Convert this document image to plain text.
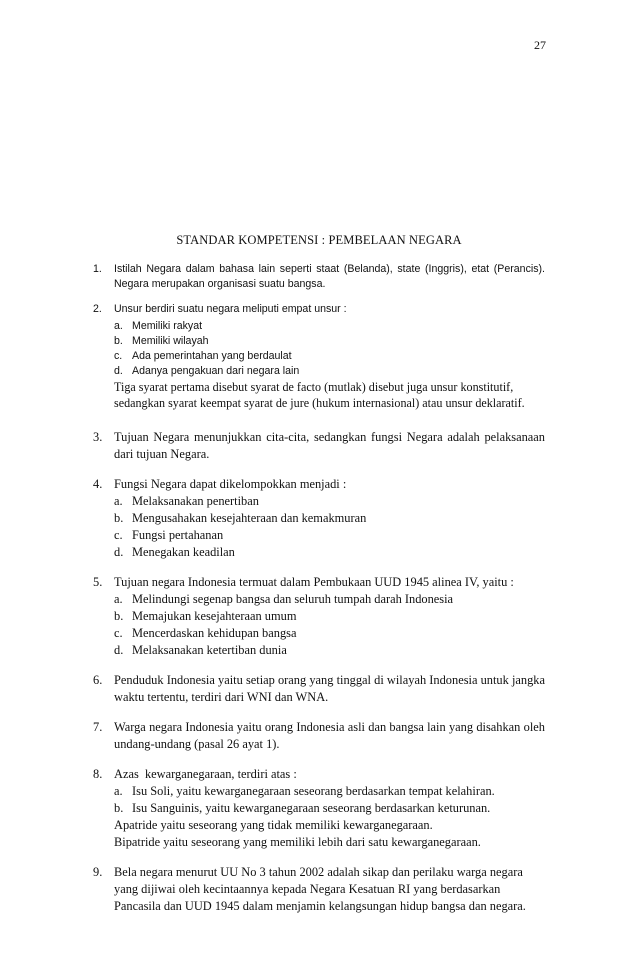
27
STANDAR KOMPETENSI : PEMBELAAN NEGARA
1. Istilah Negara dalam bahasa lain seperti staat (Belanda), state (Inggris), etat (Perancis). Negara merupakan organisasi suatu bangsa.

2. Unsur berdiri suatu negara meliputi empat unsur :

a. Memiliki rakyat
b. Memiliki wilayah
c. Ada pemerintahan yang berdaulat
d. Adanya pengakuan dari negara lain

Tiga syarat pertama disebut syarat de facto (mutlak) disebut juga unsur konstitutif, sedangkan syarat keempat syarat de jure (hukum internasional) atau unsur deklaratif.

3. Tujuan Negara menunjukkan cita-cita, sedangkan fungsi Negara adalah pelaksanaan dari tujuan Negara.

4. Fungsi Negara dapat dikelompokkan menjadi :

a. Melaksanakan penertiban
b. Mengusahakan kesejahteraan dan kemakmuran
c. Fungsi pertahanan
d. Menegakan keadilan
5. Tujuan negara Indonesia termuat dalam Pembukaan UUD 1945 alinea IV, yaitu :

a. Melindungi segenap bangsa dan seluruh tumpah darah Indonesia
b. Memajukan kesejahteraan umum
c. Mencerdaskan kehidupan bangsa
d. Melaksanakan ketertiban dunia
6. Penduduk Indonesia yaitu setiap orang yang tinggal di wilayah Indonesia untuk jangka waktu tertentu, terdiri dari WNI dan WNA.

7. Warga negara Indonesia yaitu orang Indonesia asli dan bangsa lain yang disahkan oleh undang-undang (pasal 26 ayat 1).

8. Azas  kewarganegaraan, terdiri atas :

a. Isu Soli, yaitu kewarganegaraan seseorang berdasarkan tempat kelahiran.
b. Isu Sanguinis, yaitu kewarganegaraan seseorang berdasarkan keturunan.

Apatride yaitu seseorang yang tidak memiliki kewarganegaraan.

Bipatride yaitu seseorang yang memiliki lebih dari satu kewarganegaraan.

9. Bela negara menurut UU No 3 tahun 2002 adalah sikap dan perilaku warga negara

yang dijiwai oleh kecintaannya kepada Negara Kesatuan RI yang berdasarkan

Pancasila dan UUD 1945 dalam menjamin kelangsungan hidup bangsa dan negara.
